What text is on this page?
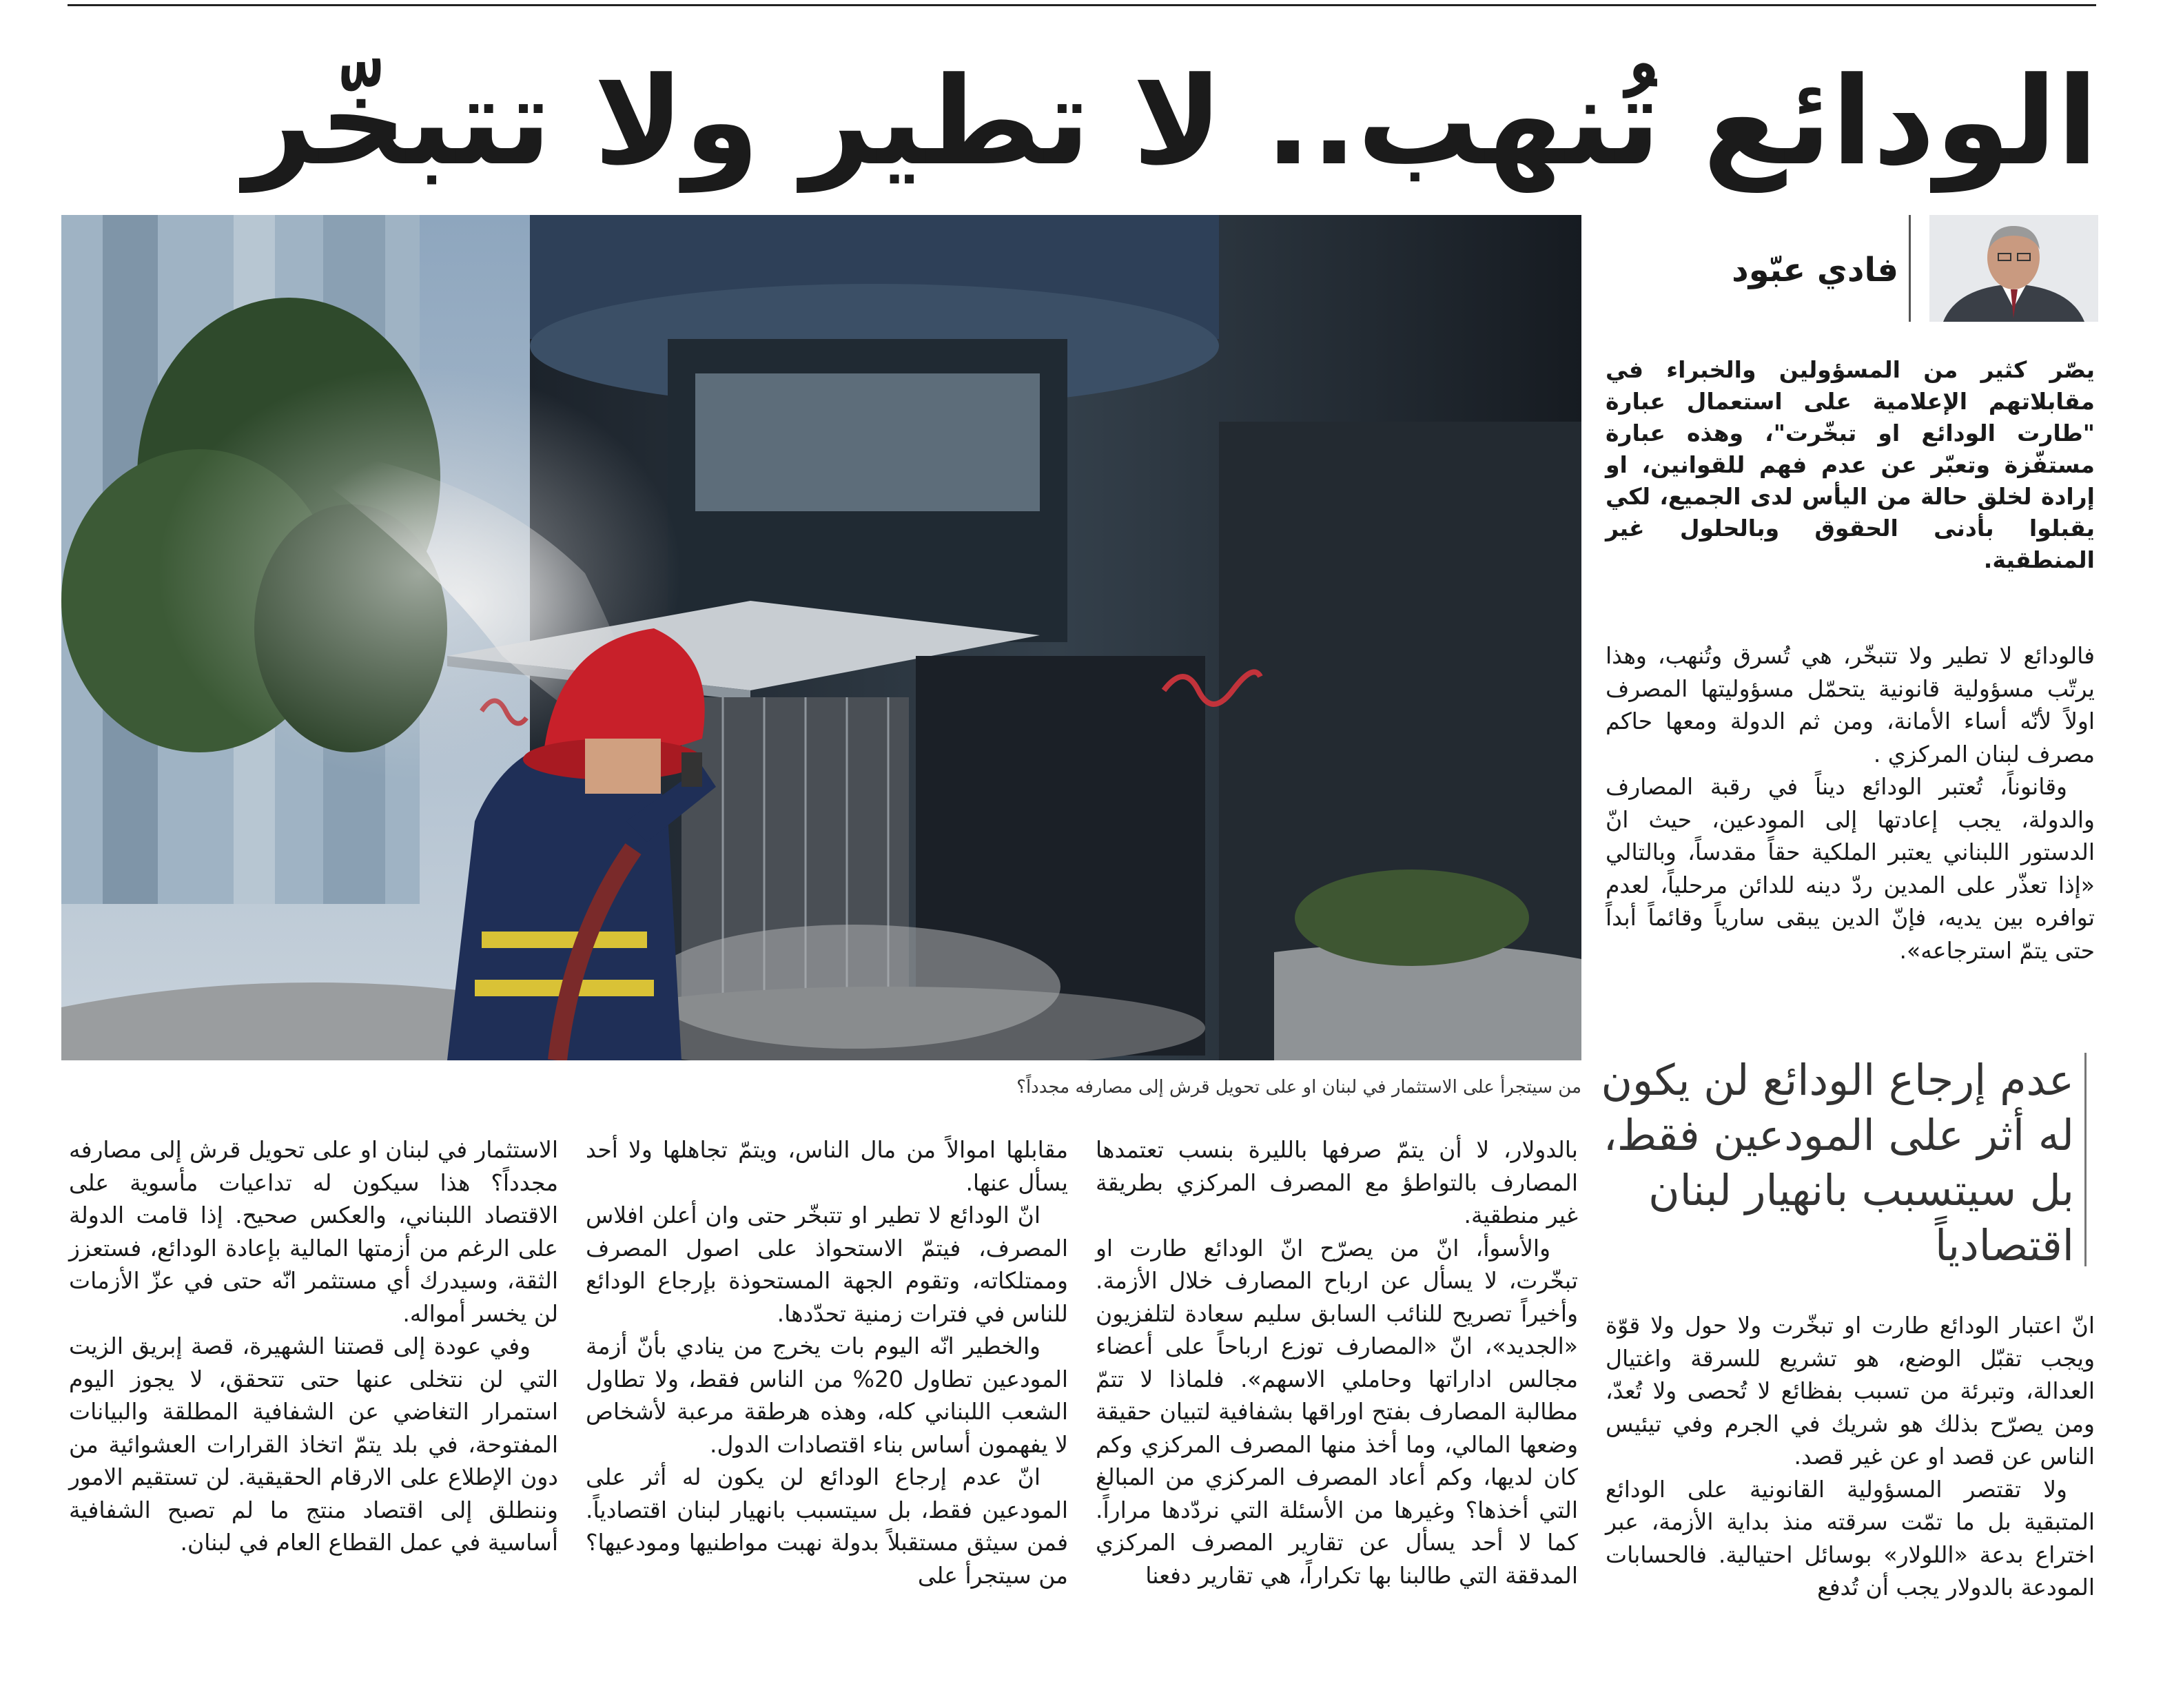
الودائع تُنهب.. لا تطير ولا تتبخّر
من سيتجرأ على الاستثمار في لبنان او على تحويل قرش إلى مصارفه مجدداً؟
فادي عبّود

يصّر كثير من المسؤولين والخبراء في مقابلاتهم الإعلامية على استعمال عبارة "طارت الودائع او تبخّرت"، وهذه عبارة مستفّزة وتعبّر عن عدم فهم للقوانين، او إرادة لخلق حالة من اليأس لدى الجميع، لكي يقبلوا بأدنى الحقوق وبالحلول غير المنطقية.

فالودائع لا تطير ولا تتبخّر، هي تُسرق وتُنهب، وهذا يرتّب مسؤولية قانونية يتحمّل مسؤوليتها المصرف اولاً لأنّه أساء الأمانة، ومن ثم الدولة ومعها حاكم مصرف لبنان المركزي .

وقانوناً، تُعتبر الودائع ديناً في رقبة المصارف والدولة، يجب إعادتها إلى المودعين، حيث انّ الدستور اللبناني يعتبر الملكية حقاً مقدساً، وبالتالي «إذا تعذّر على المدين ردّ دينه للدائن مرحلياً، لعدم توافره بين يديه، فإنّ الدين يبقى سارياً وقائماً أبداً حتى يتمّ استرجاعه».

عدم إرجاع الودائع لن يكون له أثر على المودعين فقط، بل سيتسبب بانهيار لبنان اقتصادياً

انّ اعتبار الودائع طارت او تبخّرت ولا حول ولا قوّة ويجب تقبّل الوضع، هو تشريع للسرقة واغتيال العدالة، وتبرئة من تسبب بفظائع لا تُحصى ولا تُعدّ، ومن يصرّح بذلك هو شريك في الجرم وفي تيئيس الناس عن قصد او عن غير قصد.

ولا تقتصر المسؤولية القانونية على الودائع المتبقية بل ما تمّت سرقته منذ بداية الأزمة، عبر اختراع بدعة «اللولار» بوسائل احتيالية. فالحسابات المودعة بالدولار يجب أن تُدفع

بالدولار، لا أن يتمّ صرفها بالليرة بنسب تعتمدها المصارف بالتواطؤ مع المصرف المركزي بطريقة غير منطقية.

والأسوأ، انّ من يصرّح انّ الودائع طارت او تبخّرت، لا يسأل عن ارباح المصارف خلال الأزمة. وأخيراً تصريح للنائب السابق سليم سعادة لتلفزيون «الجديد»، انّ «المصارف توزع ارباحاً على أعضاء مجالس اداراتها وحاملي الاسهم». فلماذا لا تتمّ مطالبة المصارف بفتح اوراقها بشفافية لتبيان حقيقة وضعها المالي، وما أخذ منها المصرف المركزي وكم كان لديها، وكم أعاد المصرف المركزي من المبالغ التي أخذها؟ وغيرها من الأسئلة التي نردّدها مراراً. كما لا أحد يسأل عن تقارير المصرف المركزي المدققة التي طالبنا بها تكراراً، هي تقارير دفعنا

مقابلها اموالاً من مال الناس، ويتمّ تجاهلها ولا أحد يسأل عنها.

انّ الودائع لا تطير او تتبخّر حتى وان أعلن افلاس المصرف، فيتمّ الاستحواذ على اصول المصرف وممتلكاته، وتقوم الجهة المستحوذة بإرجاع الودائع للناس في فترات زمنية تحدّدها.

والخطير انّه اليوم بات يخرج من ينادي بأنّ أزمة المودعين تطاول 20% من الناس فقط، ولا تطاول الشعب اللبناني كله، وهذه هرطقة مرعبة لأشخاص لا يفهمون أساس بناء اقتصادات الدول.

انّ عدم إرجاع الودائع لن يكون له أثر على المودعين فقط، بل سيتسبب بانهيار لبنان اقتصادياً. فمن سيثق مستقبلاً بدولة نهبت مواطنيها ومودعيها؟ من سيتجرأ على

الاستثمار في لبنان او على تحويل قرش إلى مصارفه مجدداً؟ هذا سيكون له تداعيات مأسوية على الاقتصاد اللبناني، والعكس صحيح. إذا قامت الدولة على الرغم من أزمتها المالية بإعادة الودائع، فستعزز الثقة، وسيدرك أي مستثمر انّه حتى في عزّ الأزمات لن يخسر أمواله.

وفي عودة إلى قصتنا الشهيرة، قصة إبريق الزيت التي لن نتخلى عنها حتى تتحقق، لا يجوز اليوم استمرار التغاضي عن الشفافية المطلقة والبيانات المفتوحة، في بلد يتمّ اتخاذ القرارات العشوائية من دون الإطلاع على الارقام الحقيقية. لن تستقيم الامور وننطلق إلى اقتصاد منتج ما لم تصبح الشفافية أساسية في عمل القطاع العام في لبنان.
